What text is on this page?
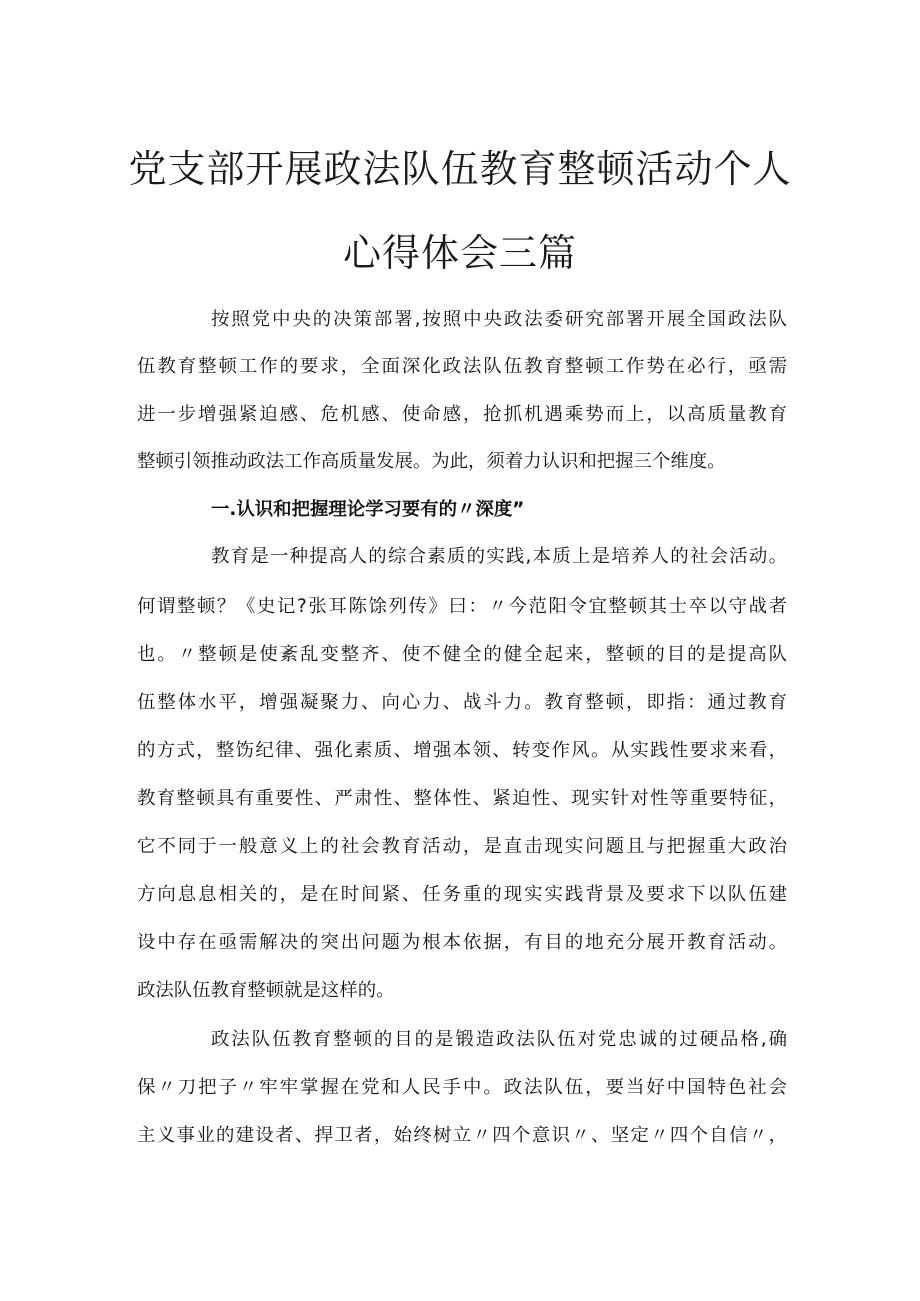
党支部开展政法队伍教育整顿活动个人
心得体会三篇
按照党中央的决策部署,按照中央政法委研究部署开展全国政法队
伍教育整顿工作的要求，全面深化政法队伍教育整顿工作势在必行，亟需
进一步增强紧迫感、危机感、使命感，抢抓机遇乘势而上，以高质量教育
整顿引领推动政法工作高质量发展。为此，须着力认识和把握三个维度。
一.认识和把握理论学习要有的〃深度”
教育是一种提高人的综合素质的实践,本质上是培养人的社会活动。
何谓整顿？《史记?张耳陈馀列传》曰：〃今范阳令宜整顿其士卒以守战者
也。〃整顿是使紊乱变整齐、使不健全的健全起来，整顿的目的是提高队
伍整体水平，增强凝聚力、向心力、战斗力。教育整顿，即指：通过教育
的方式，整饬纪律、强化素质、增强本领、转变作风。从实践性要求来看，
教育整顿具有重要性、严肃性、整体性、紧迫性、现实针对性等重要特征，
它不同于一般意义上的社会教育活动，是直击现实问题且与把握重大政治
方向息息相关的，是在时间紧、任务重的现实实践背景及要求下以队伍建
设中存在亟需解决的突出问题为根本依据，有目的地充分展开教育活动。
政法队伍教育整顿就是这样的。
政法队伍教育整顿的目的是锻造政法队伍对党忠诚的过硬品格,确
保〃刀把子〃牢牢掌握在党和人民手中。政法队伍，要当好中国特色社会
主义事业的建设者、捍卫者，始终树立〃四个意识〃、坚定〃四个自信〃，
